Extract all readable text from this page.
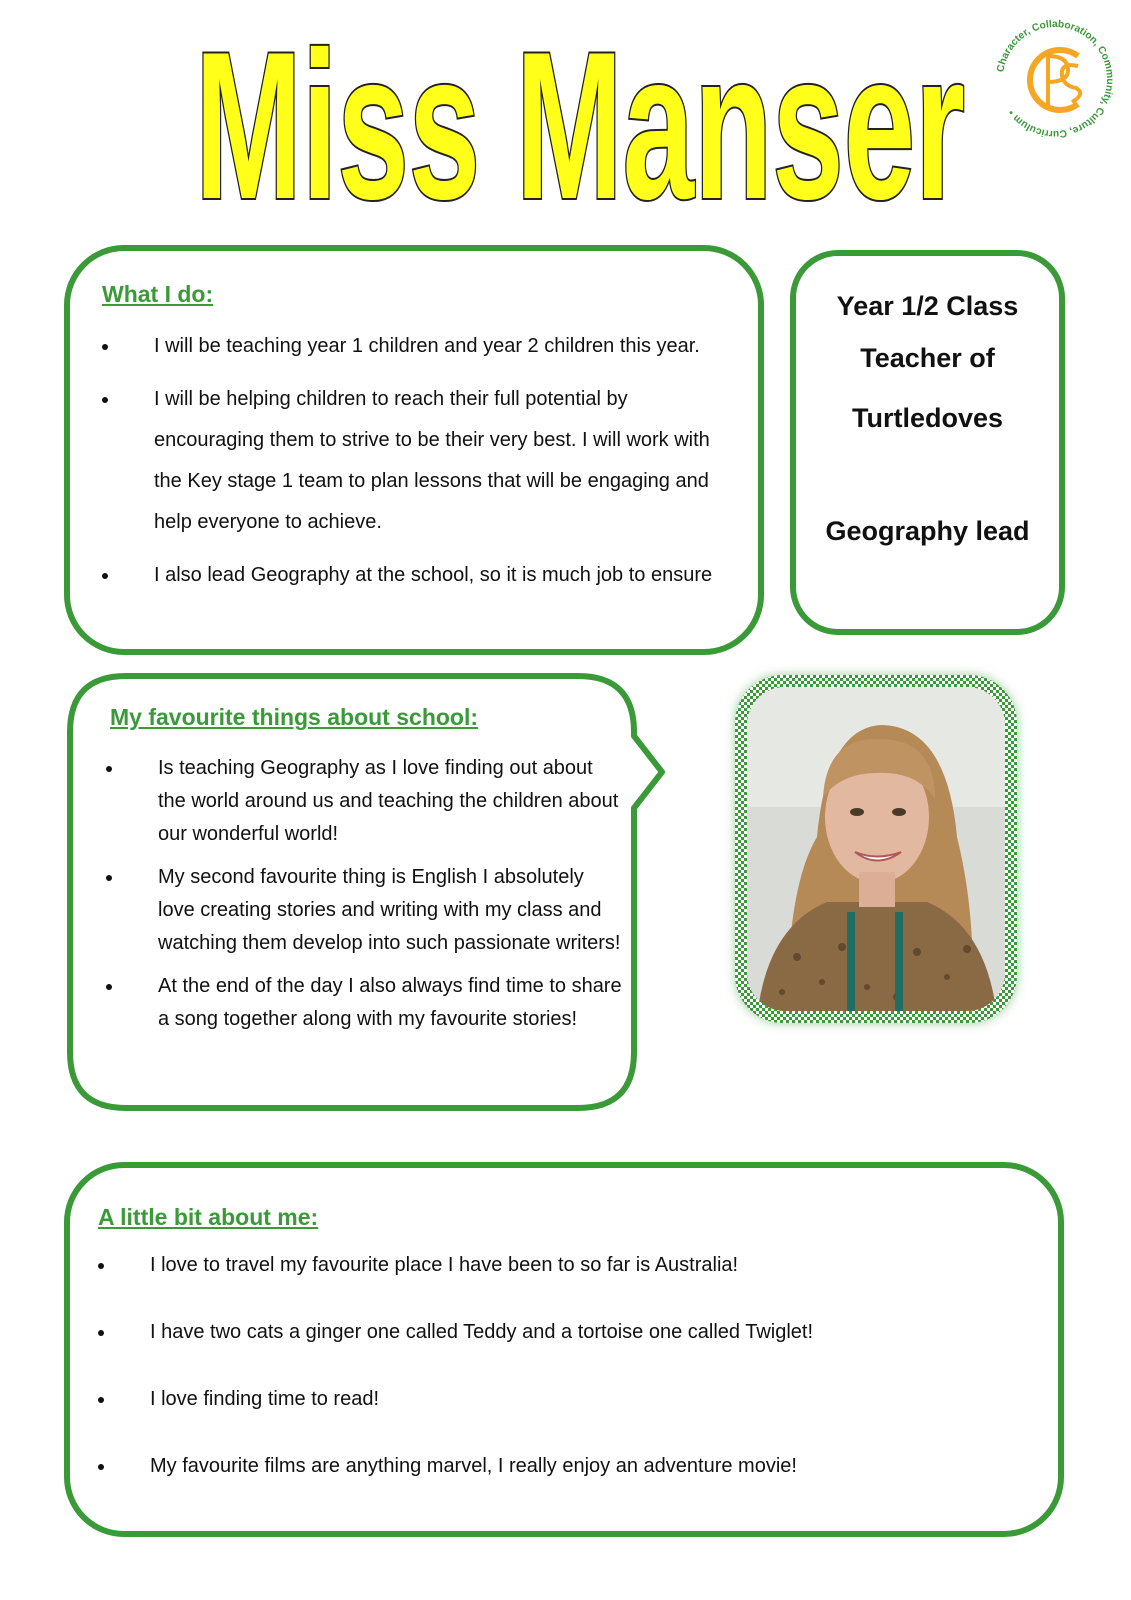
Miss Manser	Character, Collaboration, Community, Culture, Curriculum •
What I do:
I will be teaching year 1 children and year 2 children this year.
I will be helping children to reach their full potential by encouraging them to strive to be their very best. I will work with the Key stage 1 team to plan lessons that will be engaging and help everyone to achieve.
I also lead Geography at the school, so it is much job to ensure
Year 1/2 Class
Teacher of
Turtledoves
Geography lead
My favourite things about school:
Is teaching Geography as I love finding out about the world around us and teaching the children about our wonderful world!
My second favourite thing is English I absolutely love creating stories and writing with my class and watching them develop into such passionate writers!
At the end of the day I also always find time to share a song together along with my favourite stories!
A little bit about me:
I love to travel my favourite place I have been to so far is Australia!
I have two cats a ginger one called Teddy and a tortoise one called Twiglet!
I love finding time to read!
My favourite films are anything marvel, I really enjoy an adventure movie!
